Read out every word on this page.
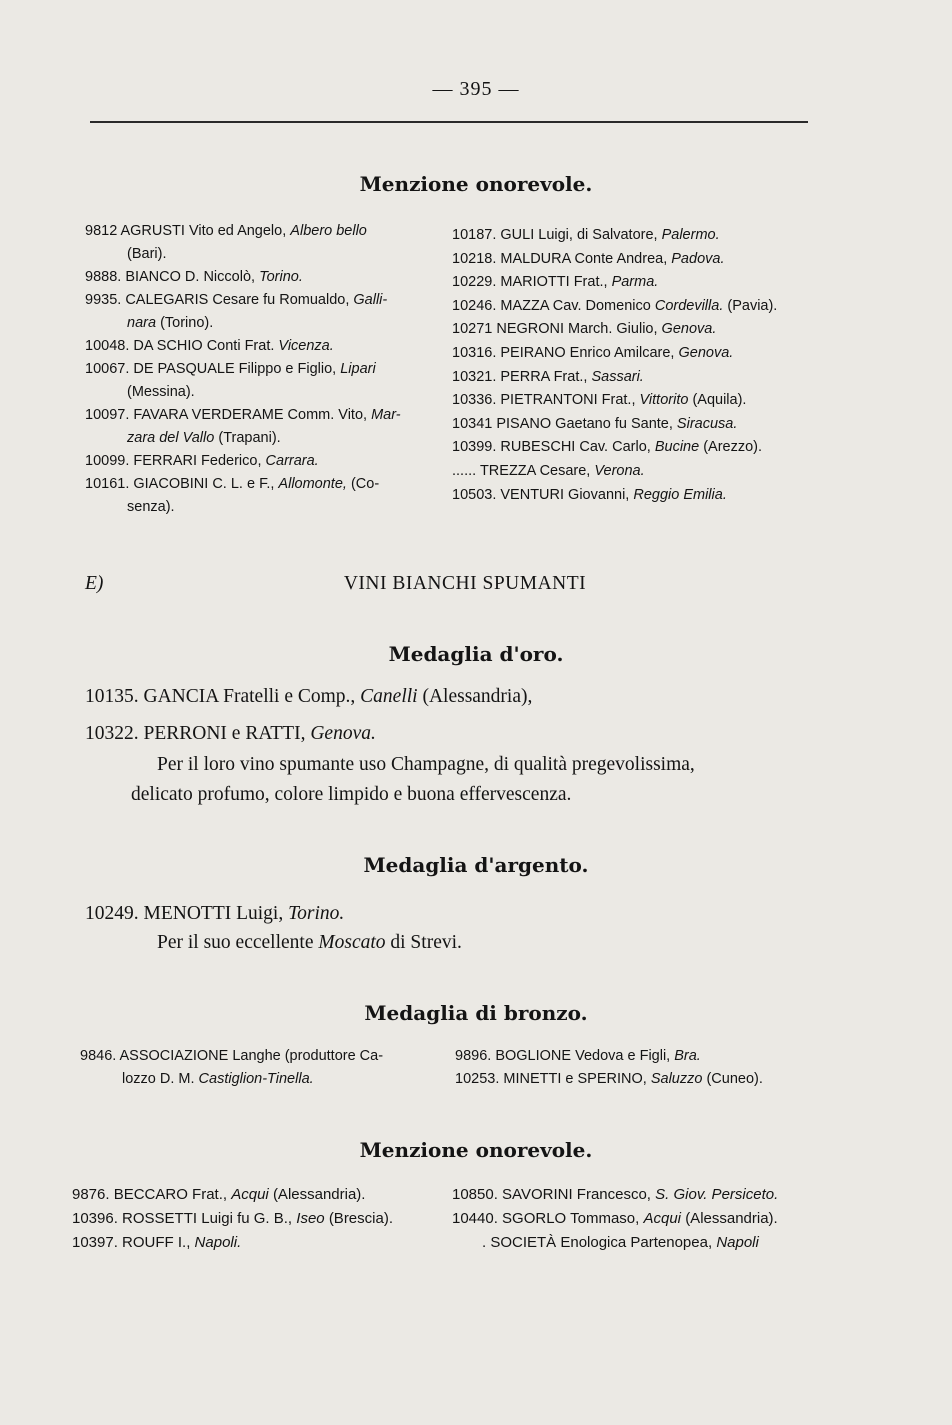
— 395 —
Menzione onorevole.
9812 AGRUSTI Vito ed Angelo, Albero bello
(Bari).
9888. BIANCO D. Niccolò, Torino.
9935. CALEGARIS Cesare fu Romualdo, Galli-
nara (Torino).
10048. DA SCHIO Conti Frat. Vicenza.
10067. DE PASQUALE Filippo e Figlio, Lipari
(Messina).
10097. FAVARA VERDERAME Comm. Vito, Mar-
zara del Vallo (Trapani).
10099. FERRARI Federico, Carrara.
10161. GIACOBINI C. L. e F., Allomonte, (Co-
senza).
10187. GULI Luigi, di Salvatore, Palermo.
10218. MALDURA Conte Andrea, Padova.
10229. MARIOTTI Frat., Parma.
10246. MAZZA Cav. Domenico Cordevilla. (Pavia).
10271 NEGRONI March. Giulio, Genova.
10316. PEIRANO Enrico Amilcare, Genova.
10321. PERRA Frat., Sassari.
10336. PIETRANTONI Frat., Vittorito (Aquila).
10341 PISANO Gaetano fu Sante, Siracusa.
10399. RUBESCHI Cav. Carlo, Bucine (Arezzo).
...... TREZZA Cesare, Verona.
10503. VENTURI Giovanni, Reggio Emilia.
E)	VINI BIANCHI SPUMANTI
Medaglia d'oro.
10135. GANCIA Fratelli e Comp., Canelli (Alessandria),
10322. PERRONI e RATTI, Genova.
Per il loro vino spumante uso Champagne, di qualità pregevolissima,
delicato profumo, colore limpido e buona effervescenza.
Medaglia d'argento.
10249. MENOTTI Luigi, Torino.
Per il suo eccellente Moscato di Strevi.
Medaglia di bronzo.
9846. ASSOCIAZIONE Langhe (produttore Ca-
lozzo D. M. Castiglion-Tinella.
9896. BOGLIONE Vedova e Figli, Bra.
10253. MINETTI e SPERINO, Saluzzo (Cuneo).
Menzione onorevole.
9876. BECCARO Frat., Acqui (Alessandria).
10396. ROSSETTI Luigi fu G. B., Iseo (Brescia).
10397. ROUFF I., Napoli.
10850. SAVORINI Francesco, S. Giov. Persiceto.
10440. SGORLO Tommaso, Acqui (Alessandria).
. SOCIETÀ Enologica Partenopea, Napoli
